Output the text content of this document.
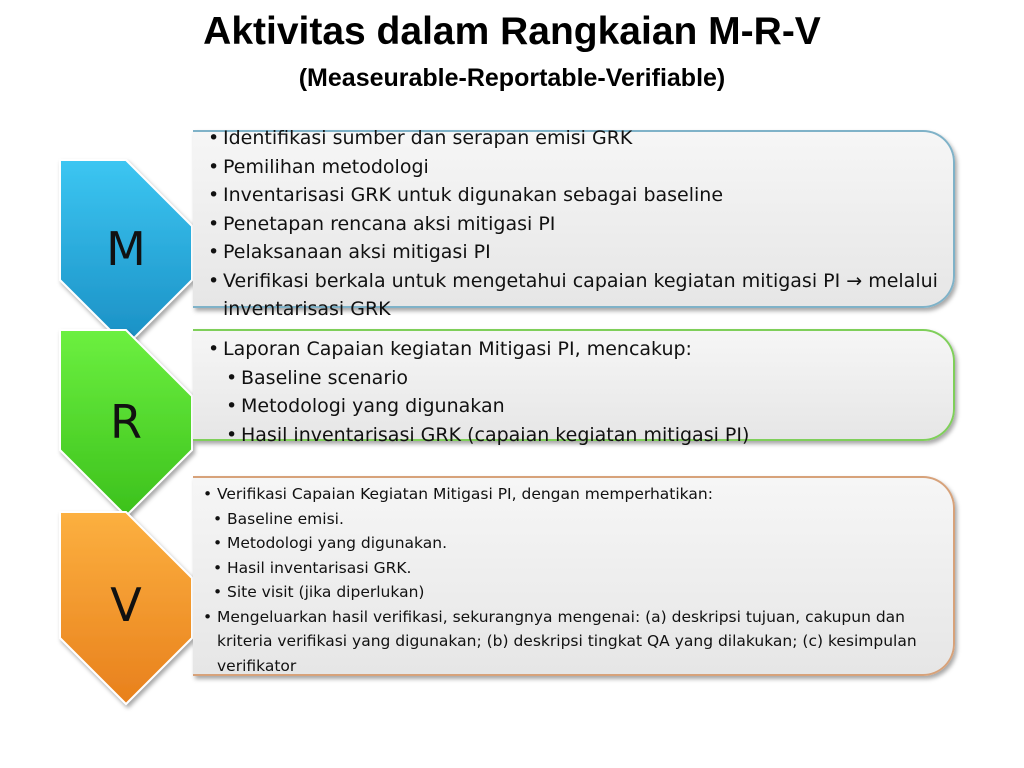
Aktivitas dalam Rangkaian M-R-V
(Measeurable-Reportable-Verifiable)
M
R
V
• Identifikasi sumber dan serapan emisi GRK
• Pemilihan metodologi
• Inventarisasi GRK untuk digunakan sebagai baseline
• Penetapan rencana aksi mitigasi PI
• Pelaksanaan aksi mitigasi PI
• Verifikasi berkala untuk mengetahui capaian kegiatan mitigasi PI → melalui inventarisasi GRK
• Laporan Capaian kegiatan Mitigasi PI, mencakup:
• Baseline scenario
• Metodologi yang digunakan
• Hasil inventarisasi GRK (capaian kegiatan mitigasi PI)
• Verifikasi Capaian Kegiatan Mitigasi PI, dengan memperhatikan:
• Baseline emisi.
• Metodologi yang digunakan.
• Hasil inventarisasi GRK.
• Site visit (jika diperlukan)
• Mengeluarkan hasil verifikasi, sekurangnya mengenai: (a) deskripsi tujuan, cakupun dan kriteria verifikasi yang digunakan; (b) deskripsi tingkat QA yang dilakukan; (c) kesimpulan verifikator
